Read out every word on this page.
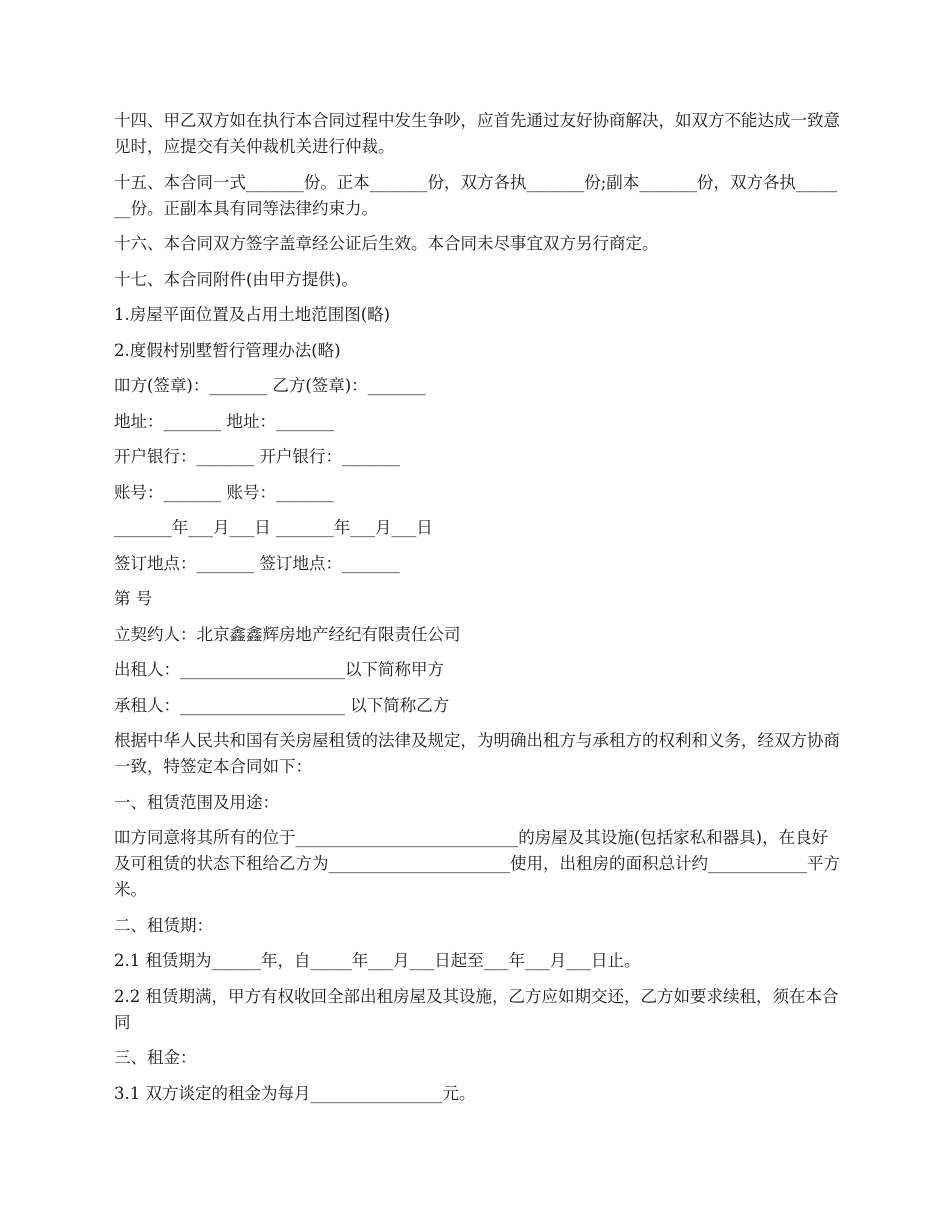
十四、甲乙双方如在执行本合同过程中发生争吵，应首先通过友好协商解决，如双方不能达成一致意见时，应提交有关仲裁机关进行仲裁。

十五、本合同一式_______份。正本_______份，双方各执_______份;副本_______份，双方各执_______份。正副本具有同等法律约束力。

十六、本合同双方签字盖章经公证后生效。本合同未尽事宜双方另行商定。

十七、本合同附件(由甲方提供)。

1.房屋平面位置及占用土地范围图(略)

2.度假村别墅暂行管理办法(略)

吅方(签章)：_______ 乙方(签章)：_______

地址：_______ 地址：_______

开户银行：_______ 开户银行：_______

账号：_______ 账号：_______

_______年___月___日 _______年___月___日

签订地点：_______ 签订地点：_______

第 号

立契约人：北京鑫鑫辉房地产经纪有限责任公司

出租人：____________________以下简称甲方

承租人：____________________ 以下简称乙方

根据中华人民共和国有关房屋租赁的法律及规定，为明确出租方与承租方的权利和义务，经双方协商一致，特签定本合同如下：

一、租赁范围及用途：

吅方同意将其所有的位于___________________________的房屋及其设施(包括家私和器具)，在良好及可租赁的状态下租给乙方为______________________使用，出租房的面积总计约____________平方米。

二、租赁期：

2.1 租赁期为______年，自_____年___月___日起至___年___月___日止。

2.2 租赁期满，甲方有权收回全部出租房屋及其设施，乙方应如期交还，乙方如要求续租，须在本合同

三、租金：

3.1 双方谈定的租金为每月________________元。
